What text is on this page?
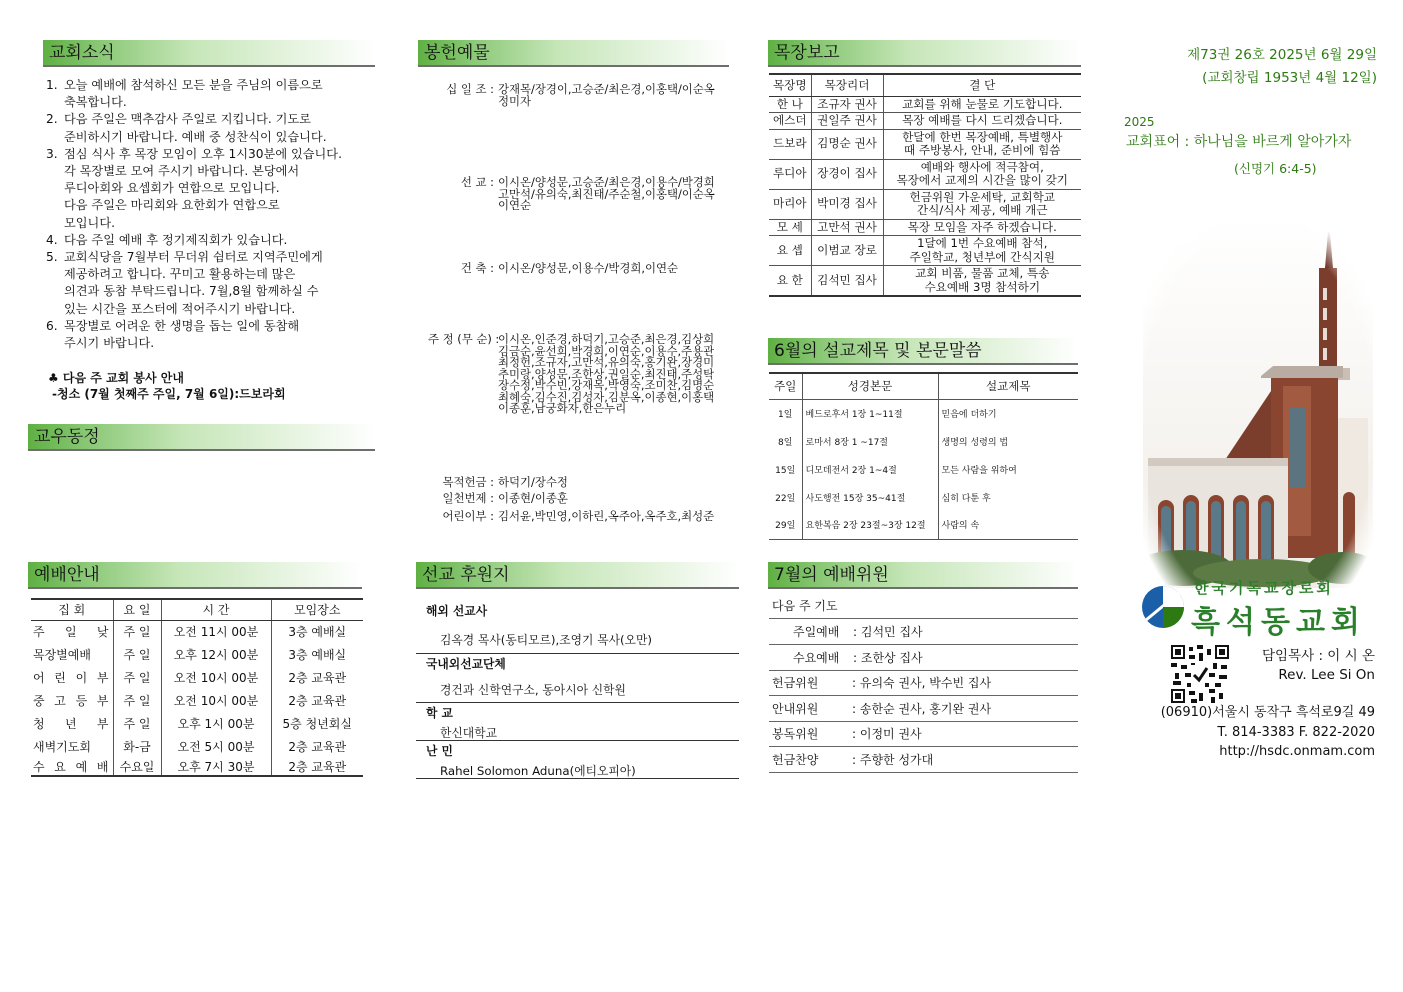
교회소식
1. 오늘 예배에 참석하신 모든 분을 주님의 이름으로
축복합니다.
2. 다음 주일은 맥추감사 주일로 지킵니다. 기도로
준비하시기 바랍니다. 예배 중 성찬식이 있습니다.
3. 점심 식사 후 목장 모임이 오후 1시30분에 있습니다.
각 목장별로 모여 주시기 바랍니다. 본당에서
루디아회와 요셉회가 연합으로 모입니다.
다음 주일은 마리회와 요한회가 연합으로
모입니다.
4. 다음 주일 예배 후 정기제직회가 있습니다.
5. 교회식당을 7월부터 무더위 쉼터로 지역주민에게
제공하려고 합니다. 꾸미고 활용하는데 많은
의견과 동참 부탁드립니다. 7월,8월 함께하실 수
있는 시간을 포스터에 적어주시기 바랍니다.
6. 목장별로 어려운 한 생명을 돕는 일에 동참해
주시기 바랍니다.
♣ 다음 주 교회 봉사 안내
-청소 (7월 첫째주 주일, 7월 6일):드보라회
교우동정
예배안내
집 회	요 일	시 간	모임장소
주 일 낮	주 일	오전 11시 00분	3층 예배실
목장별예배	주 일	오후 12시 00분	3층 예배실
어 린 이 부	주 일	오전 10시 00분	2층 교육관
중 고 등 부	주 일	오전 10시 00분	2층 교육관
청 년 부	주 일	오후 1시 00분	5층 청년회실
새벽기도회	화-금	오전 5시 00분	2층 교육관
수 요 예 배	수요일	오후 7시 30분	2층 교육관
봉헌예물
십 일 조 : 강재목/장경이,고승준/최은경,이홍택/이순옥 정미자
선 교 : 이시온/양성문,고승준/최은경,이용수/박경희 고만석/유의숙,최진태/주순철,이홍택/이순옥 이연순
건 축 : 이시온/양성문,이용수/박경희,이연순
주 정 (무 순) :
이시온,인준경,하덕기,고승준,최은경,김상희 김금순,윤선희,박경희,이연순,이용수,주용관 최정헌,조규자,고만석,유의숙,홍기완,장경미 추미랑,양성문,조한상,권일순,최진태,주성탁 장수정,박수빈,강재목,박영숙,조미찬,김명순 최혜숙,김수진,김성자,김분옥,이종현,이홍택 이종훈,남궁화자,한은누리
목적헌금 : 하덕기/장수정
일천번제 : 이종현/이종훈
어린이부 : 김서윤,박민영,이하린,옥주아,옥주호,최성준
선교 후원지
해외 선교사
김옥경 목사(동티모르),조영기 목사(오만)
국내외선교단체
경건과 신학연구소, 동아시아 신학원
학 교
한신대학교
난 민
Rahel Solomon Aduna(에티오피아)
목장보고
목장명	목장리더	결 단

한 나	조규자 권사	교회를 위해 눈물로 기도합니다.

에스더	권일주 권사	목장 예배를 다시 드리겠습니다.

드보라	김명순 권사	한달에 한번 목장예배, 특별행사
때 주방봉사, 안내, 준비에 힘씀

루디아	장경이 집사	예배와 행사에 적극참여,
목장에서 교제의 시간을 많이 갖기

마리아	박미경 집사	헌금위원 가운세탁, 교회학교
간식/식사 제공, 예배 개근

모 세	고만석 권사	목장 모임을 자주 하겠습니다.

요 셉	이범교 장로	1달에 1번 수요예배 참석,
주일학교, 청년부에 간식지원

요 한	김석민 집사	교회 비품, 물품 교체, 특송
수요예배 3명 참석하기
6월의 설교제목 및 본문말씀
주일	성경본문	설교제목
1일	베드로후서 1장 1~11절	믿음에 더하기
8일	로마서 8장 1 ~17절	생명의 성령의 법
15일	디모데전서 2장 1~4절	모든 사람을 위하여
22일	사도행전 15장 35~41절	심히 다툰 후
29일	요한복음 2장 23절~3장 12절	사람의 속
7월의 예배위원
다음 주 기도
주일예배 : 김석민 집사
수요예배 : 조한상 집사
헌금위원	: 유의숙 권사, 박수빈 집사
안내위원	: 송한순 권사, 홍기완 권사
봉독위원	: 이정미 권사
헌금찬양	: 주향한 성가대
제73권 26호 2025년 6월 29일
(교회창립 1953년 4월 12일)
2025
교회표어 : 하나님을 바르게 알아가자
(신명기 6:4-5)
한국기독교장로회
흑석동교회
담임목사 : 이 시 온
Rev. Lee Si On
(06910)서울시 동작구 흑석로9길 49
T. 814-3383 F. 822-2020
http://hsdc.onmam.com
